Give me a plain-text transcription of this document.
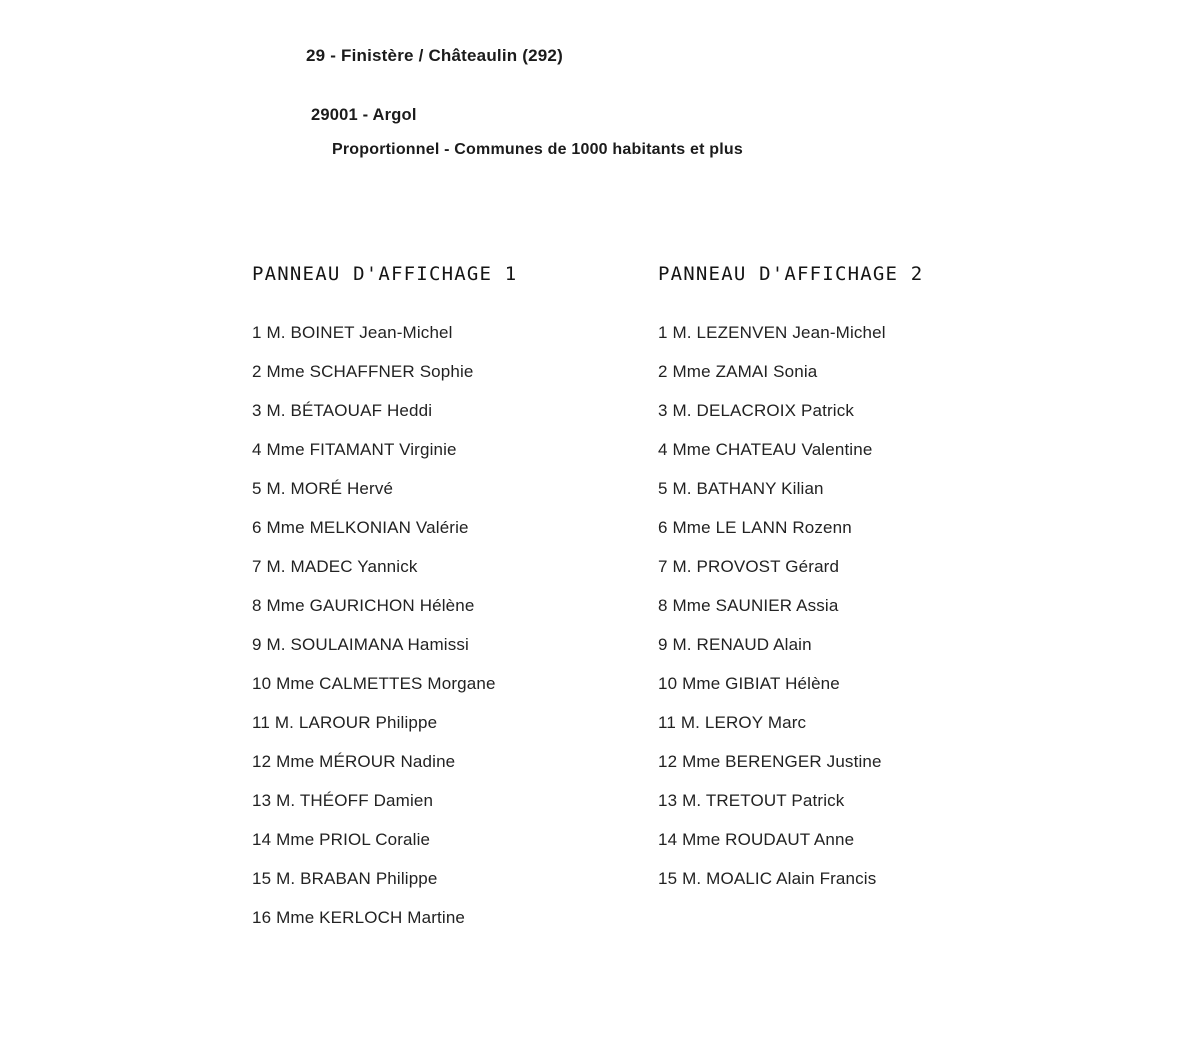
29 - Finistère / Châteaulin (292)
29001 - Argol
Proportionnel - Communes de 1000 habitants et plus
PANNEAU D'AFFICHAGE 1
1 M. BOINET Jean-Michel
2 Mme SCHAFFNER Sophie
3 M. BÉTAOUAF Heddi
4 Mme FITAMANT Virginie
5 M. MORÉ Hervé
6 Mme MELKONIAN Valérie
7 M. MADEC Yannick
8 Mme GAURICHON Hélène
9 M. SOULAIMANA Hamissi
10 Mme CALMETTES Morgane
11 M. LAROUR Philippe
12 Mme MÉROUR Nadine
13 M. THÉOFF Damien
14 Mme PRIOL Coralie
15 M. BRABAN Philippe
16 Mme KERLOCH Martine
PANNEAU D'AFFICHAGE 2
1 M. LEZENVEN Jean-Michel
2 Mme ZAMAI Sonia
3 M. DELACROIX Patrick
4 Mme CHATEAU Valentine
5 M. BATHANY Kilian
6 Mme LE LANN Rozenn
7 M. PROVOST Gérard
8 Mme SAUNIER Assia
9 M. RENAUD Alain
10 Mme GIBIAT Hélène
11 M. LEROY Marc
12 Mme BERENGER Justine
13 M. TRETOUT Patrick
14 Mme ROUDAUT Anne
15 M. MOALIC Alain Francis
